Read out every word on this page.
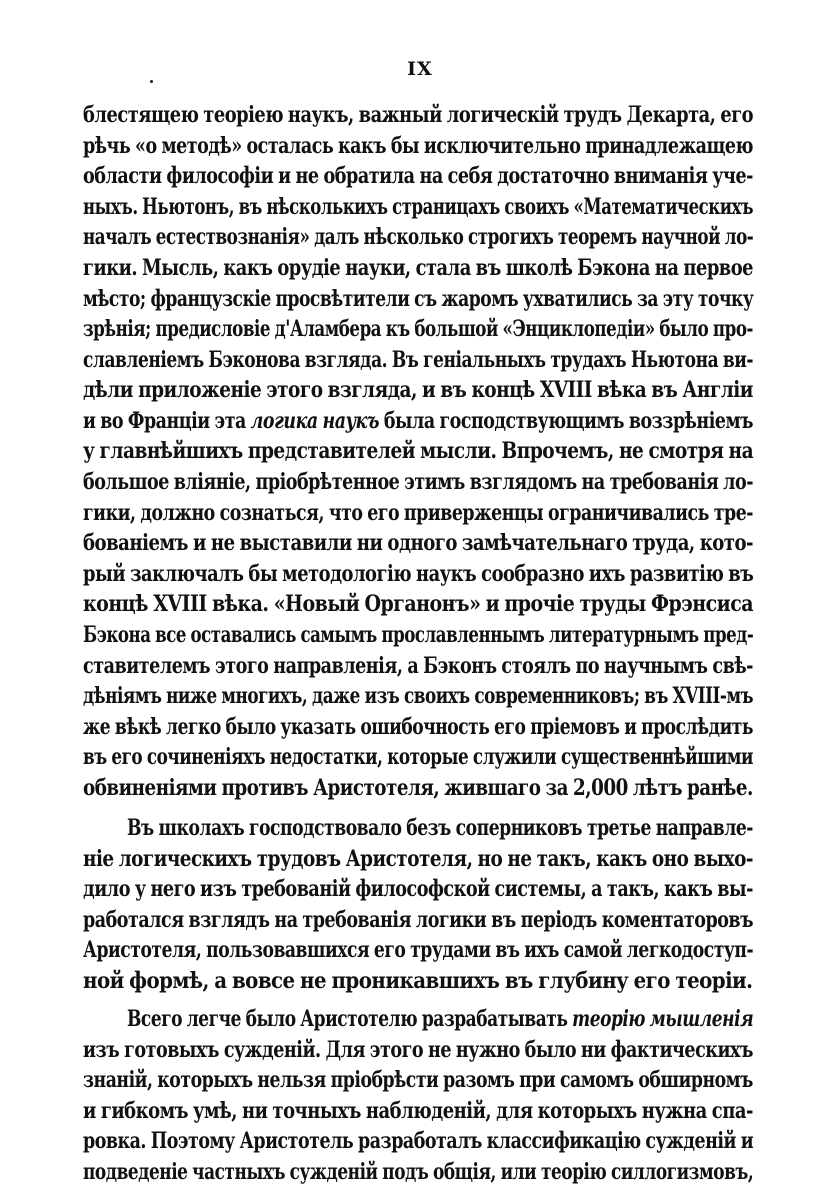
IX
блестящею теоріею наукъ, важный логическій трудъ Декарта, его
рѣчь «о методѣ» осталась какъ бы исключительно принадлежащею
области философіи и не обратила на себя достаточно вниманія уче-
ныхъ. Ньютонъ, въ нѣсколькихъ страницахъ своихъ «Математическихъ
началъ естествознанія» далъ нѣсколько строгихъ теоремъ научной ло-
гики. Мысль, какъ орудіе науки, стала въ школѣ Бэкона на первое
мѣсто; французскіе просвѣтители съ жаромъ ухватились за эту точку
зрѣнія; предисловіе д'Аламбера къ большой «Энциклопедіи» было про-
славленіемъ Бэконова взгляда. Въ геніальныхъ трудахъ Ньютона ви-
дѣли приложеніе этого взгляда, и въ концѣ XVIII вѣка въ Англіи
и во Франціи эта логика наукъ была господствующимъ воззрѣніемъ
у главнѣйшихъ представителей мысли. Впрочемъ, не смотря на
большое вліяніе, пріобрѣтенное этимъ взглядомъ на требованія ло-
гики, должно сознаться, что его приверженцы ограничивались тре-
бованіемъ и не выставили ни одного замѣчательнаго труда, кото-
рый заключалъ бы методологію наукъ сообразно ихъ развитію въ
концѣ XVIII вѣка. «Новый Органонъ» и прочіе труды Фрэнсиса
Бэкона все оставались самымъ прославленнымъ литературнымъ пред-
ставителемъ этого направленія, а Бэконъ стоялъ по научнымъ свѣ-
дѣніямъ ниже многихъ, даже изъ своихъ современниковъ; въ XVIII-мъ
же вѣкѣ легко было указать ошибочность его пріемовъ и прослѣдить
въ его сочиненіяхъ недостатки, которые служили существеннѣйшими
обвиненіями противъ Аристотеля, жившаго за 2,000 лѣтъ ранѣе.
Въ школахъ господствовало безъ соперниковъ третье направле-
ніе логическихъ трудовъ Аристотеля, но не такъ, какъ оно выхо-
дило у него изъ требованій философской системы, а такъ, какъ вы-
работался взглядъ на требованія логики въ періодъ коментаторовъ
Аристотеля, пользовавшихся его трудами въ ихъ самой легкодоступ-
ной формѣ, а вовсе не проникавшихъ въ глубину его теоріи.
Всего легче было Аристотелю разрабатывать теорію мышленія
изъ готовыхъ сужденій. Для этого не нужно было ни фактическихъ
знаній, которыхъ нельзя пріобрѣсти разомъ при самомъ обширномъ
и гибкомъ умѣ, ни точныхъ наблюденій, для которыхъ нужна спа-
ровка. Поэтому Аристотель разработалъ классификацію сужденій и
подведеніе частныхъ сужденій подъ общія, или теорію силлогизмовъ,
